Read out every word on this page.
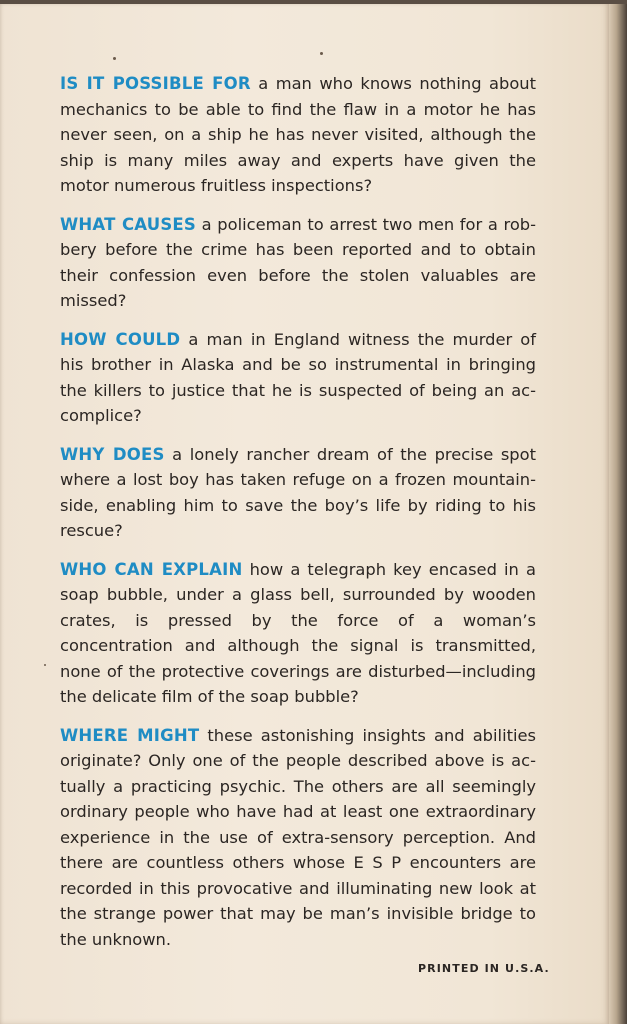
IS IT POSSIBLE FOR a man who knows nothing about mechanics to be able to find the flaw in a motor he has never seen, on a ship he has never visited, although the ship is many miles away and experts have given the motor numerous fruitless inspections?

WHAT CAUSES a policeman to arrest two men for a robbery before the crime has been reported and to obtain their confession even before the stolen valuables are missed?

HOW COULD a man in England witness the murder of his brother in Alaska and be so instrumental in bringing the killers to justice that he is suspected of being an accomplice?

WHY DOES a lonely rancher dream of the precise spot where a lost boy has taken refuge on a frozen mountainside, enabling him to save the boy’s life by riding to his rescue?

WHO CAN EXPLAIN how a telegraph key encased in a soap bubble, under a glass bell, surrounded by wooden crates, is pressed by the force of a woman’s concentration and although the signal is transmitted, none of the protective coverings are disturbed—including the delicate film of the soap bubble?

WHERE MIGHT these astonishing insights and abilities originate? Only one of the people described above is actually a practicing psychic. The others are all seemingly ordinary people who have had at least one extraordinary experience in the use of extra-sensory perception. And there are countless others whose E S P encounters are recorded in this provocative and illuminating new look at the strange power that may be man’s invisible bridge to the unknown.

PRINTED IN U.S.A.
